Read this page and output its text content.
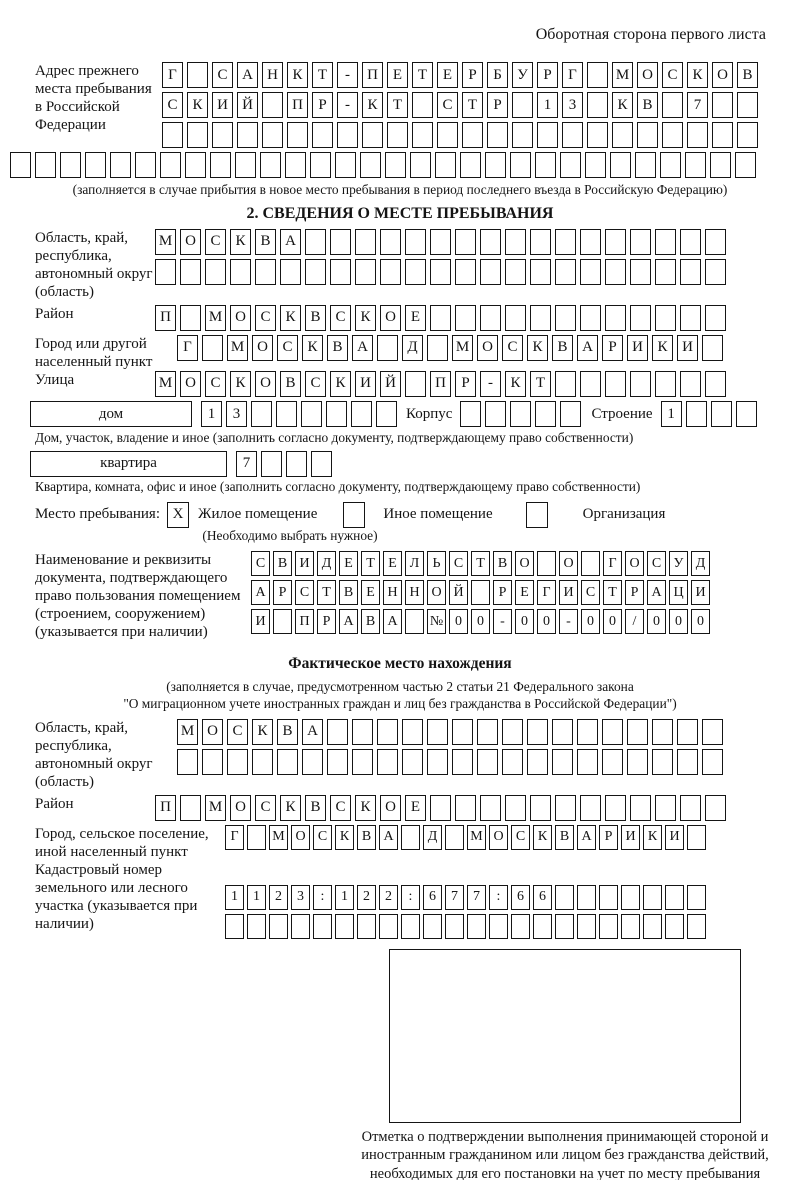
Оборотная сторона первого листа
Адрес прежнего места пребывания в Российской Федерации
Г	С А Н К	Т	-	П Е	Т	Е	Р	Б	У	Р	Г	М О С К О В
С К И Й	П	Р	-	К	Т	С	Т	Р	1	3	К В	7
(заполняется в случае прибытия в новое место пребывания в период последнего въезда в Российскую Федерацию)
2. СВЕДЕНИЯ О МЕСТЕ ПРЕБЫВАНИЯ
Область, край, республика, автономный округ (область)
М О С К В А
Район	П	М О С К В С К О Е
Город или другой населенный пункт
Г	М О С К В А	Д	М О С К В А	Р	И К И
Улица	М О С К О В С К И Й	П	Р	-	К	Т
дом	1	3	Корпус	Строение 1
Дом, участок, владение и иное (заполнить согласно документу, подтверждающему право собственности)
квартира	7
Квартира, комната, офис и иное (заполнить согласно документу, подтверждающему право собственности)
Место пребывания: X Жилое помещение	Иное помещение	Организация
(Необходимо выбрать нужное)
Наименование и реквизиты документа, подтверждающего право пользования помещением (строением, сооружением) (указывается при наличии)
С В И Д Е Т Е Л Ь С Т В О	О	Г О С У Д
А Р С Т В Е Н Н О Й	Р Е Г И С Т Р А Ц И
И	П Р А В А	№ 0	0	-	0	0	-	0	0	/	0	0	0
Фактическое место нахождения
(заполняется в случае, предусмотренном частью 2 статьи 21 Федерального закона
"О миграционном учете иностранных граждан и лиц без гражданства в Российской Федерации")
Область, край, республика, автономный округ (область)
М О С К В А
Район	П	М О С К В С К О Е
Город, сельское поселение, иной населенный пункт
Г	М О С К В А	Д	М О С К В А Р И К И
Кадастровый номер земельного или лесного участка (указывается при наличии)
1	1	2	3	:	1	2	2	:	6	7	7	:	6	6
Отметка о подтверждении выполнения принимающей стороной и иностранным гражданином или лицом без гражданства действий, необходимых для его постановки на учет по месту пребывания
